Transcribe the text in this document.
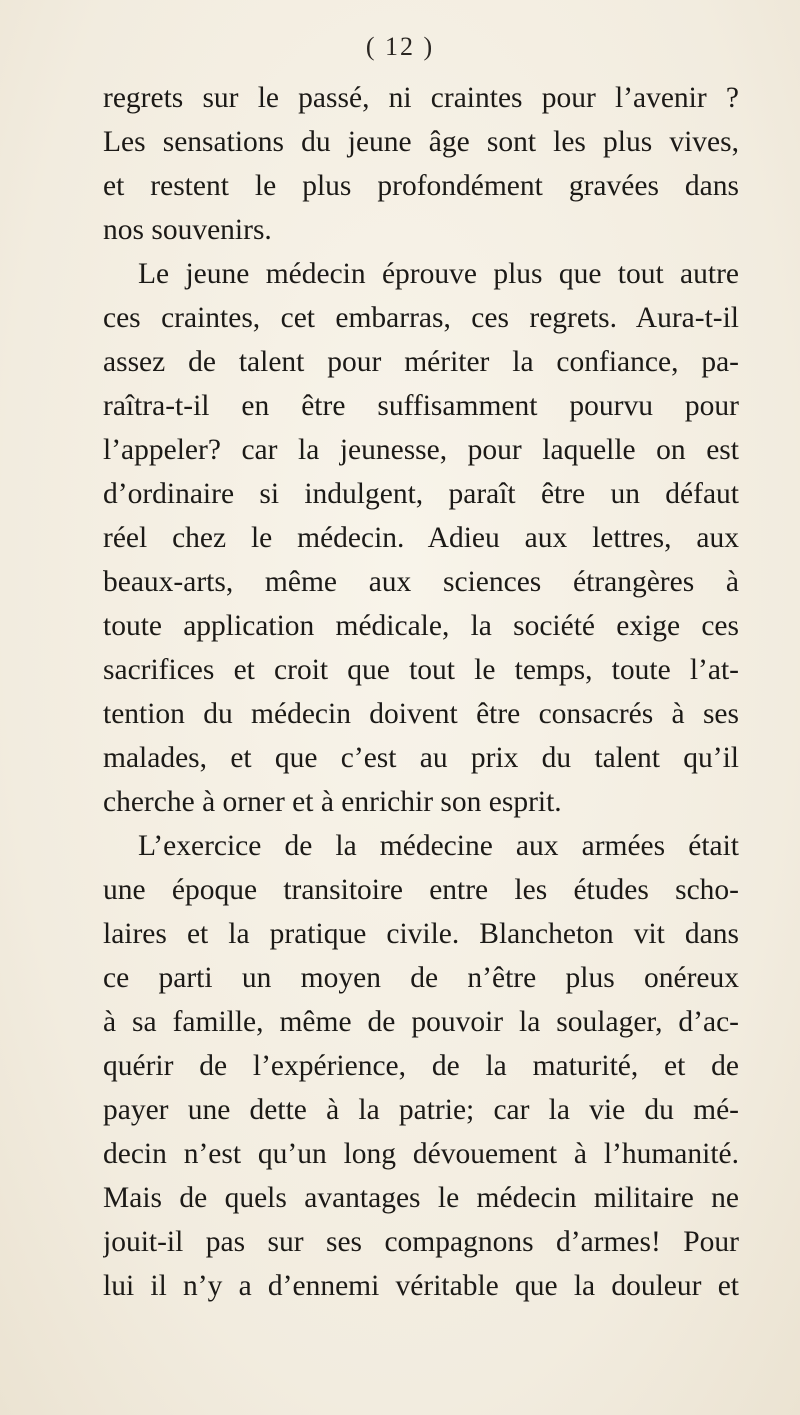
( 12 )
regrets sur le passé, ni craintes pour l’avenir ?
Les sensations du jeune âge sont les plus vives,
et restent le plus profondément gravées dans
nos souvenirs.
Le jeune médecin éprouve plus que tout autre
ces craintes, cet embarras, ces regrets. Aura-t-il
assez de talent pour mériter la confiance, pa-
raîtra-t-il en être suffisamment pourvu pour
l’appeler? car la jeunesse, pour laquelle on est
d’ordinaire si indulgent, paraît être un défaut
réel chez le médecin. Adieu aux lettres, aux
beaux-arts, même aux sciences étrangères à
toute application médicale, la société exige ces
sacrifices et croit que tout le temps, toute l’at-
tention du médecin doivent être consacrés à ses
malades, et que c’est au prix du talent qu’il
cherche à orner et à enrichir son esprit.
L’exercice de la médecine aux armées était
une époque transitoire entre les études scho-
laires et la pratique civile. Blancheton vit dans
ce parti un moyen de n’être plus onéreux
à sa famille, même de pouvoir la soulager, d’ac-
quérir de l’expérience, de la maturité, et de
payer une dette à la patrie; car la vie du mé-
decin n’est qu’un long dévouement à l’humanité.
Mais de quels avantages le médecin militaire ne
jouit-il pas sur ses compagnons d’armes! Pour
lui il n’y a d’ennemi véritable que la douleur et
